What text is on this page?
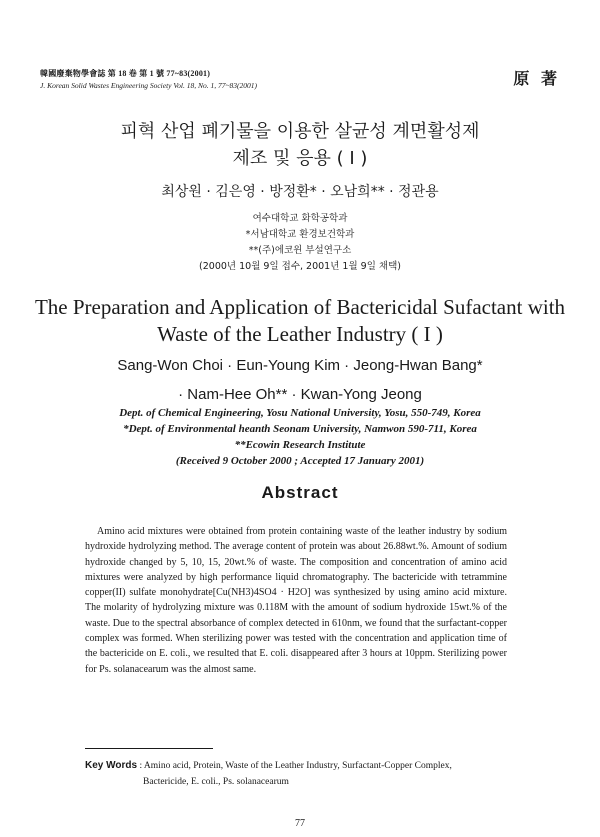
韓國廢棄物學會誌 第 18 卷 第 1 號 77~83(2001)
J. Korean Solid Wastes Engineering Society Vol. 18, No. 1, 77~83(2001)	原 著
피혁 산업 폐기물을 이용한 살균성 계면활성제
제조 및 응용 ( I )
최상원 · 김은영 · 방정환* · 오남희** · 정관용
여수대학교 화학공학과
*서남대학교 환경보건학과
**(주)에코윈 부설연구소
(2000년 10월 9일 접수, 2001년 1월 9일 채택)
The Preparation and Application of Bactericidal Sufactant with
Waste of the Leather Industry ( I )
Sang-Won Choi · Eun-Young Kim · Jeong-Hwan Bang*
· Nam-Hee Oh** · Kwan-Yong Jeong
Dept. of Chemical Engineering, Yosu National University, Yosu, 550-749, Korea
*Dept. of Environmental heanth Seonam University, Namwon 590-711, Korea
**Ecowin Research Institute
(Received 9 October 2000 ; Accepted 17 January 2001)
Abstract

Amino acid mixtures were obtained from protein containing waste of the leather industry by sodium hydroxide hydrolyzing method. The average content of protein was about 26.88wt.%. Amount of sodium hydroxide changed by 5, 10, 15, 20wt.% of waste. The composition and concentration of amino acid mixtures were analyzed by high performance liquid chromatography. The bactericide with tetrammine copper(II) sulfate monohydrate[Cu(NH3)4SO4 · H2O] was synthesized by using amino acid mixture. The molarity of hydrolyzing mixture was 0.118M with the amount of sodium hydroxide 15wt.% of the waste. Due to the spectral absorbance of complex detected in 610nm, we found that the surfactant-copper complex was formed. When sterilizing power was tested with the concentration and application time of the bactericide on E. coli., we resulted that E. coli. disappeared after 3 hours at 10ppm. Sterilizing power for Ps. solanacearum was the almost same.

Key Words : Amino acid, Protein, Waste of the Leather Industry, Surfactant-Copper Complex,
Bactericide, E. coli., Ps. solanacearum
77
